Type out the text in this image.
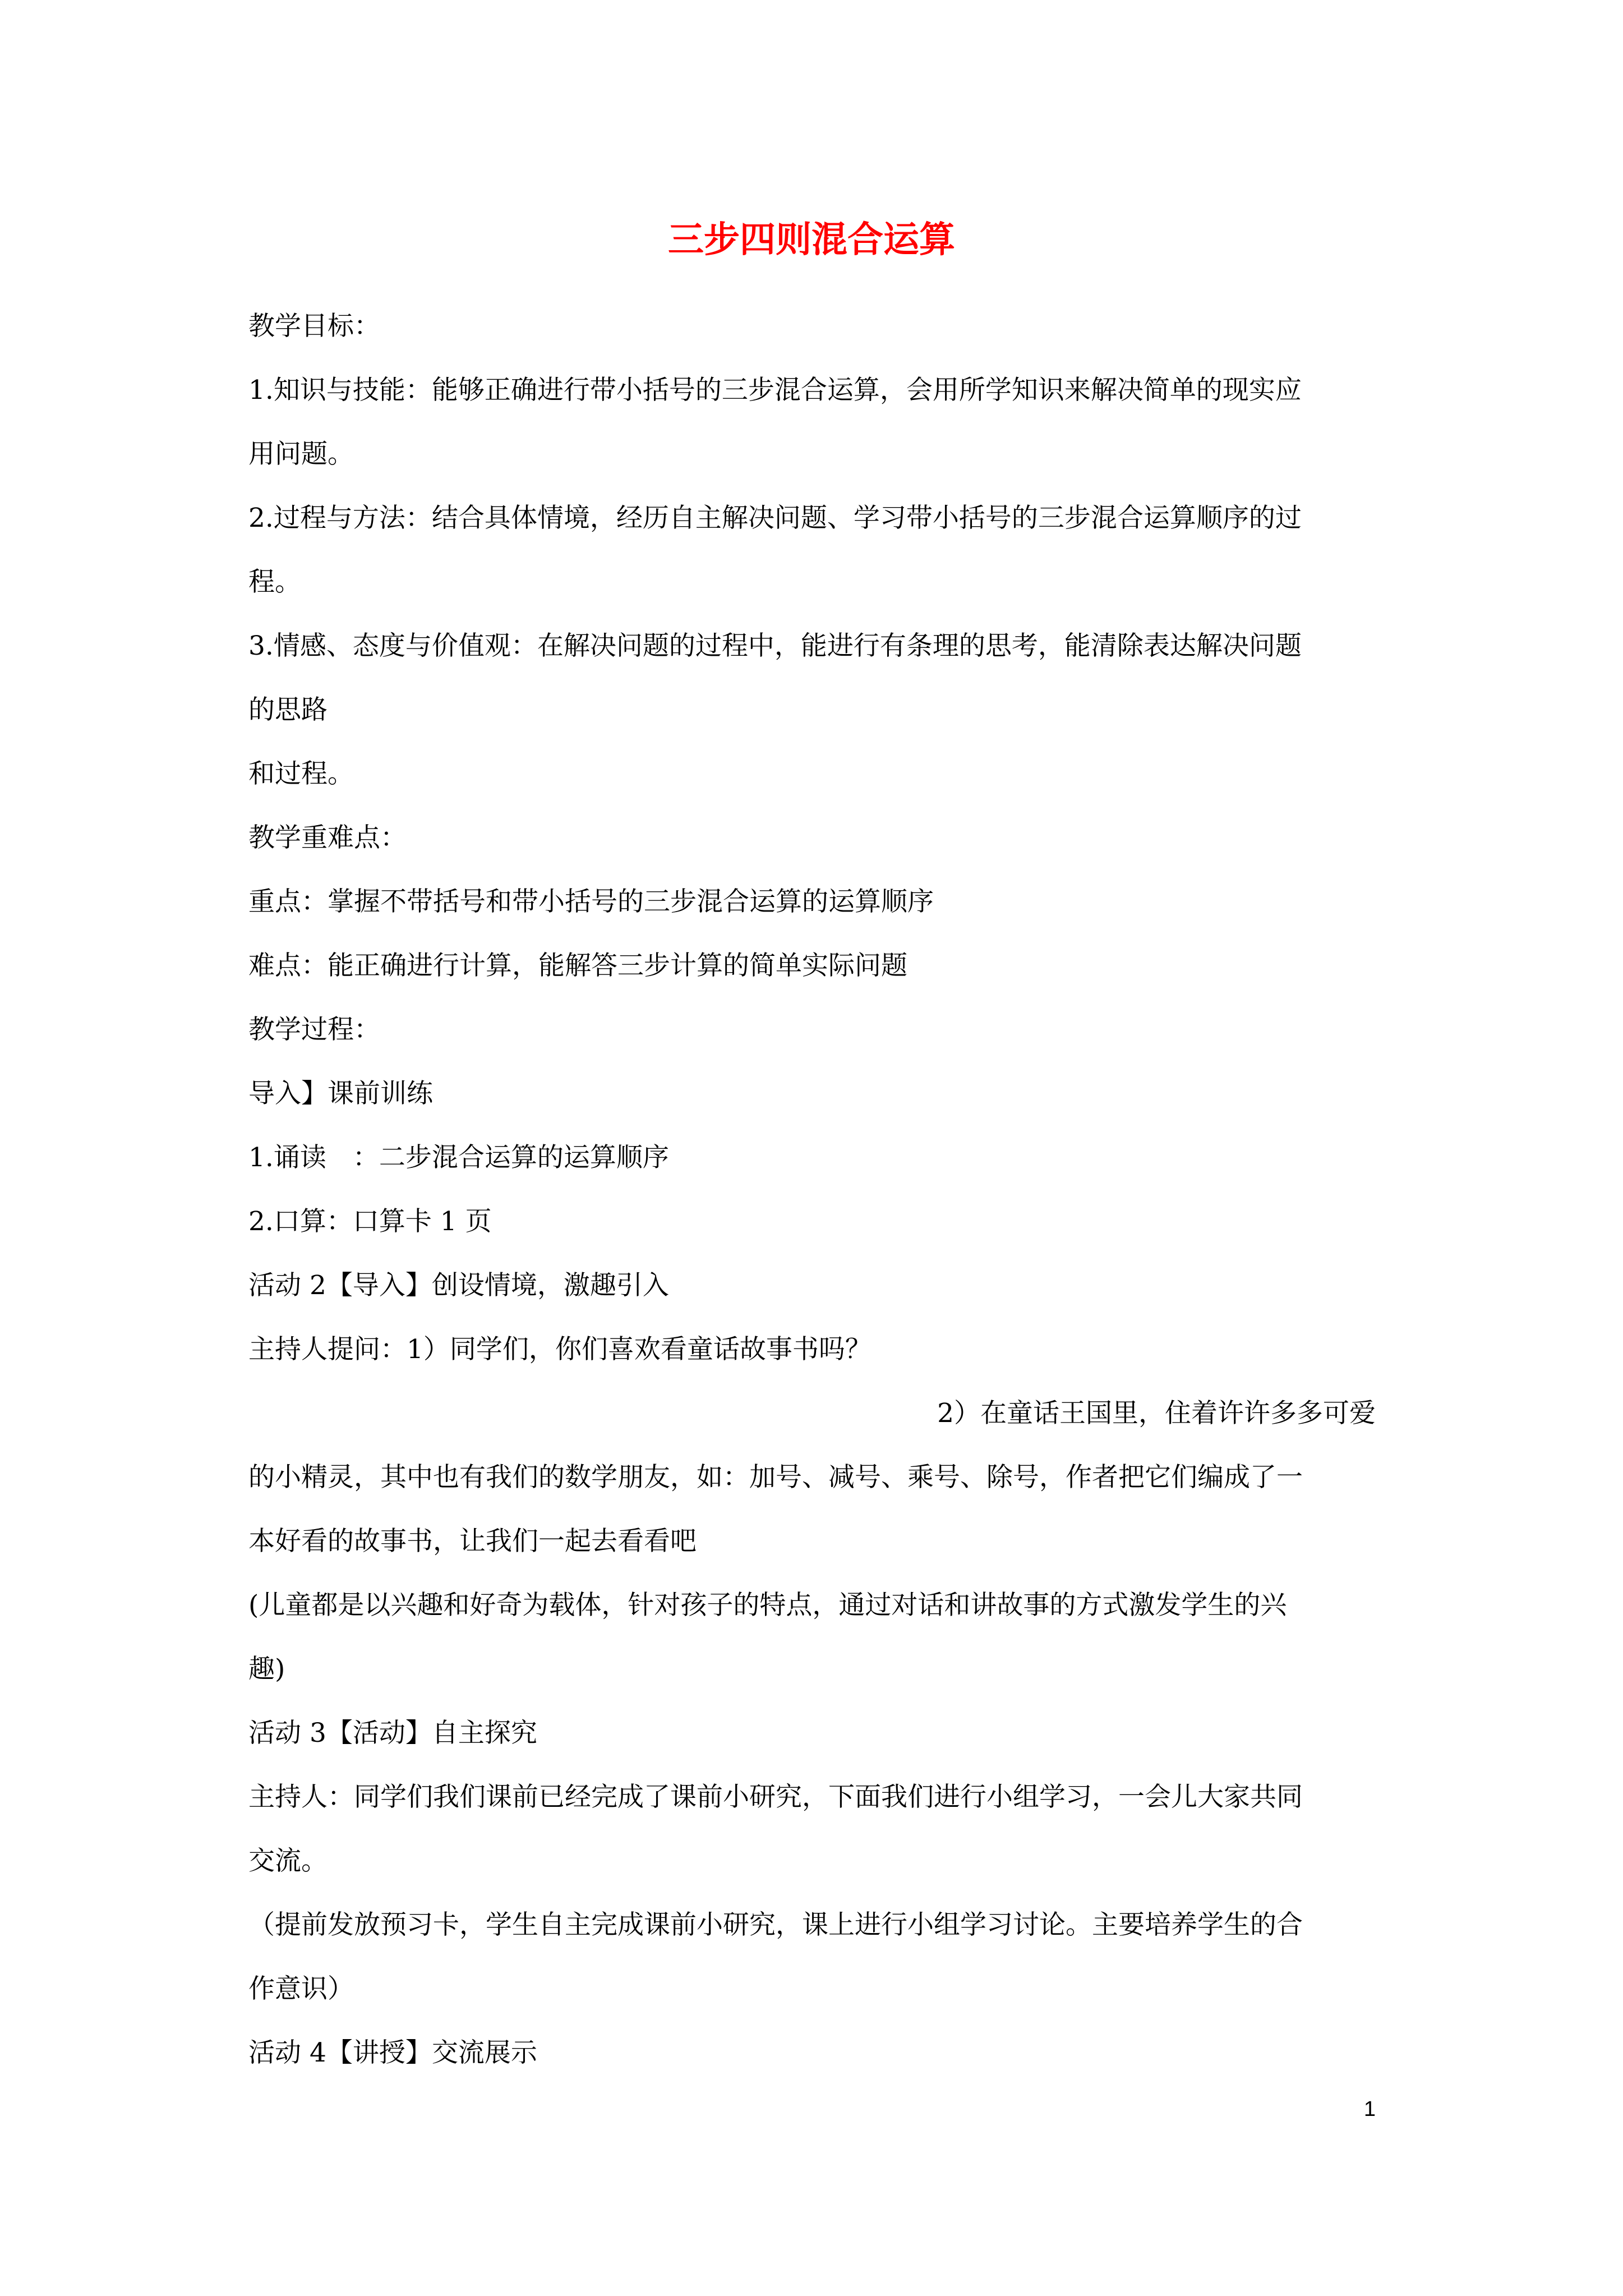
三步四则混合运算
教学目标：
1.知识与技能：能够正确进行带小括号的三步混合运算，会用所学知识来解决简单的现实应
用问题。
2.过程与方法：结合具体情境，经历自主解决问题、学习带小括号的三步混合运算顺序的过
程。
3.情感、态度与价值观：在解决问题的过程中，能进行有条理的思考，能清除表达解决问题
的思路
和过程。
教学重难点：
重点：掌握不带括号和带小括号的三步混合运算的运算顺序
难点：能正确进行计算，能解答三步计算的简单实际问题
教学过程：
导入】课前训练
1.诵读　：二步混合运算的运算顺序
2.口算：口算卡 1 页
活动 2【导入】创设情境，激趣引入
主持人提问：1）同学们，你们喜欢看童话故事书吗？
2）在童话王国里，住着许许多多可爱
的小精灵，其中也有我们的数学朋友，如：加号、减号、乘号、除号，作者把它们编成了一
本好看的故事书，让我们一起去看看吧
(儿童都是以兴趣和好奇为载体，针对孩子的特点，通过对话和讲故事的方式激发学生的兴
趣)
活动 3【活动】自主探究
主持人：同学们我们课前已经完成了课前小研究，下面我们进行小组学习，一会儿大家共同
交流。
（提前发放预习卡，学生自主完成课前小研究，课上进行小组学习讨论。主要培养学生的合
作意识）
活动 4【讲授】交流展示
1
